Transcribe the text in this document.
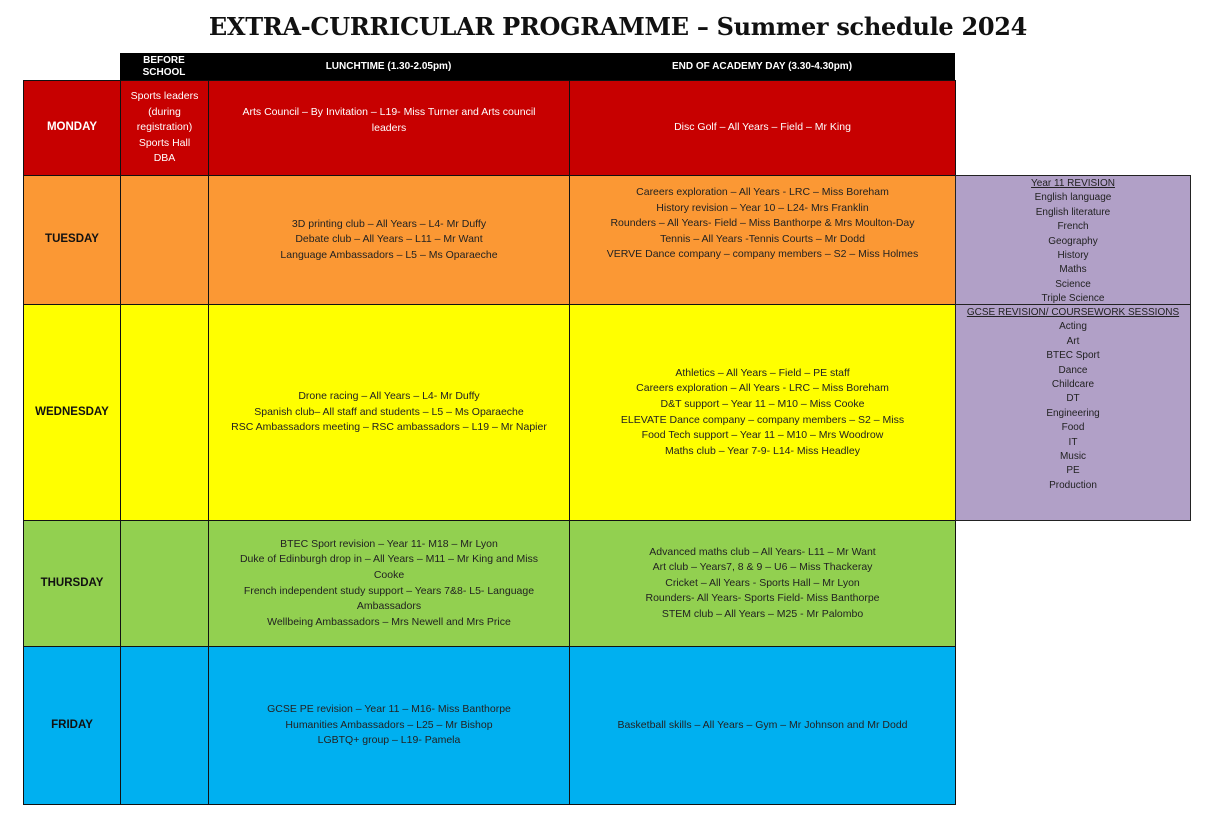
EXTRA-CURRICULAR PROGRAMME – Summer schedule 2024
BEFORE
SCHOOL
LUNCHTIME (1.30-2.05pm)	END OF ACADEMY DAY (3.30-4.30pm)
MONDAY
Sports leaders
(during
registration)
Sports Hall
DBA
Arts Council – By Invitation – L19- Miss Turner and Arts council
leaders	Disc Golf – All Years – Field – Mr King
TUESDAY
3D printing club – All Years – L4- Mr Duffy
Debate club – All Years – L11 – Mr Want
Language Ambassadors – L5 – Ms Oparaeche
Careers exploration – All Years - LRC – Miss Boreham
History revision – Year 10 – L24- Mrs Franklin
Rounders – All Years- Field – Miss Banthorpe & Mrs Moulton-Day
Tennis – All Years -Tennis Courts – Mr Dodd
VERVE Dance company – company members – S2 – Miss Holmes
WEDNESDAY
Drone racing – All Years – L4- Mr Duffy
Spanish club– All staff and students – L5 – Ms Oparaeche
RSC Ambassadors meeting – RSC ambassadors – L19 – Mr Napier
Athletics – All Years – Field – PE staff
Careers exploration – All Years - LRC – Miss Boreham
D&T support – Year 11 – M10 – Miss Cooke
ELEVATE Dance company – company members – S2 – Miss
Food Tech support – Year 11 – M10 – Mrs Woodrow
Maths club – Year 7-9- L14- Miss Headley
THURSDAY
BTEC Sport revision – Year 11- M18 – Mr Lyon
Duke of Edinburgh drop in – All Years – M11 – Mr King and Miss
Cooke
French independent study support – Years 7&8- L5- Language
Ambassadors
Wellbeing Ambassadors – Mrs Newell and Mrs Price
Advanced maths club – All Years- L11 – Mr Want
Art club – Years7, 8 & 9 – U6 – Miss Thackeray
Cricket – All Years - Sports Hall – Mr Lyon
Rounders- All Years- Sports Field- Miss Banthorpe
STEM club – All Years – M25 - Mr Palombo
FRIDAY
GCSE PE revision – Year 11 – M16- Miss Banthorpe
Humanities Ambassadors – L25 – Mr Bishop
LGBTQ+ group – L19- Pamela
Basketball skills – All Years – Gym – Mr Johnson and Mr Dodd
Year 11 REVISION
English language
English literature
French
Geography
History
Maths
Science
Triple Science
GCSE REVISION/ COURSEWORK SESSIONS
Acting
Art
BTEC Sport
Dance
Childcare
DT
Engineering
Food
IT
Music
PE
Production
